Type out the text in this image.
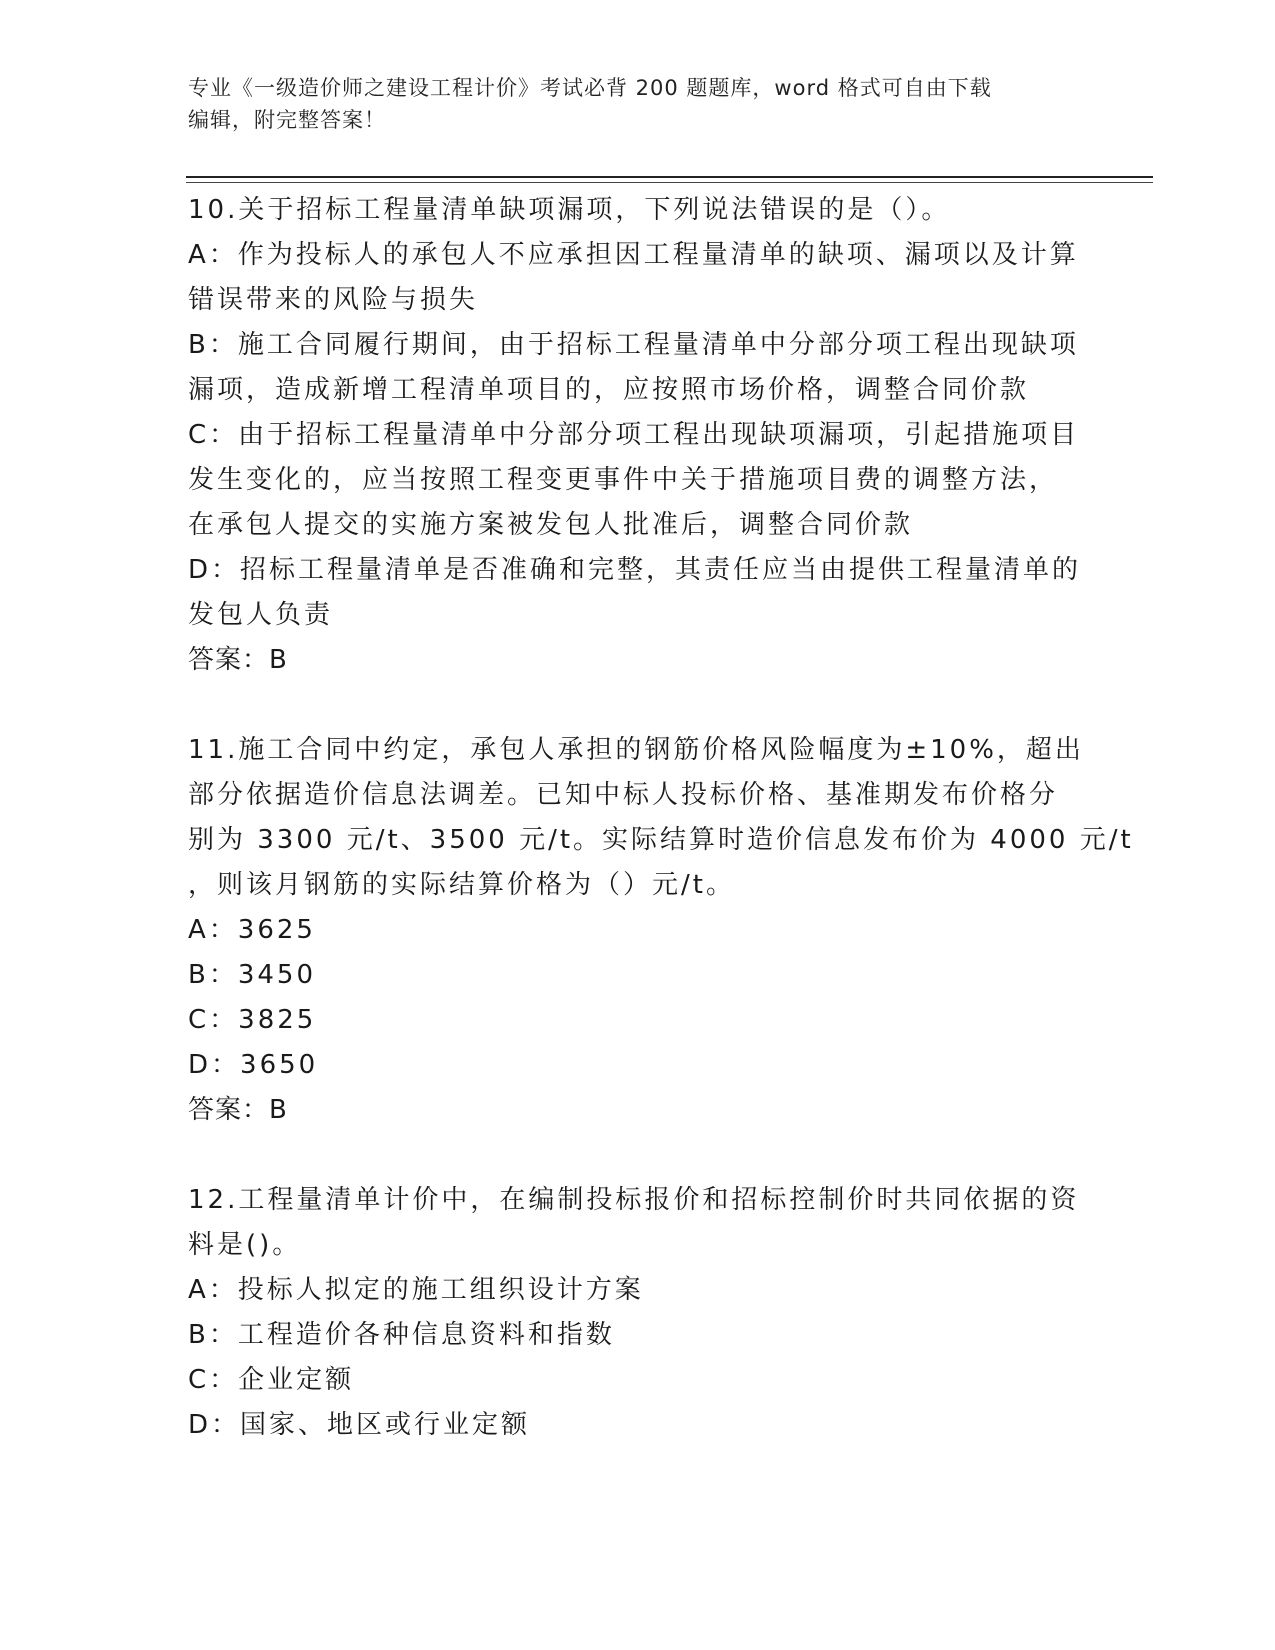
专业《一级造价师之建设工程计价》考试必背 200 题题库，word 格式可自由下载
编辑，附完整答案！
10.关于招标工程量清单缺项漏项，下列说法错误的是（）。
A：作为投标人的承包人不应承担因工程量清单的缺项、漏项以及计算
错误带来的风险与损失
B：施工合同履行期间，由于招标工程量清单中分部分项工程出现缺项
漏项，造成新增工程清单项目的，应按照市场价格，调整合同价款
C：由于招标工程量清单中分部分项工程出现缺项漏项，引起措施项目
发生变化的，应当按照工程变更事件中关于措施项目费的调整方法，
在承包人提交的实施方案被发包人批准后，调整合同价款
D：招标工程量清单是否准确和完整，其责任应当由提供工程量清单的
发包人负责
答案：B
11.施工合同中约定，承包人承担的钢筋价格风险幅度为±10%，超出
部分依据造价信息法调差。已知中标人投标价格、基准期发布价格分
别为 3300 元/t、3500 元/t。实际结算时造价信息发布价为 4000 元/t
，则该月钢筋的实际结算价格为（）元/t。
A：3625
B：3450
C：3825
D：3650
答案：B
12.工程量清单计价中，在编制投标报价和招标控制价时共同依据的资
料是()。
A：投标人拟定的施工组织设计方案
B：工程造价各种信息资料和指数
C：企业定额
D：国家、地区或行业定额
